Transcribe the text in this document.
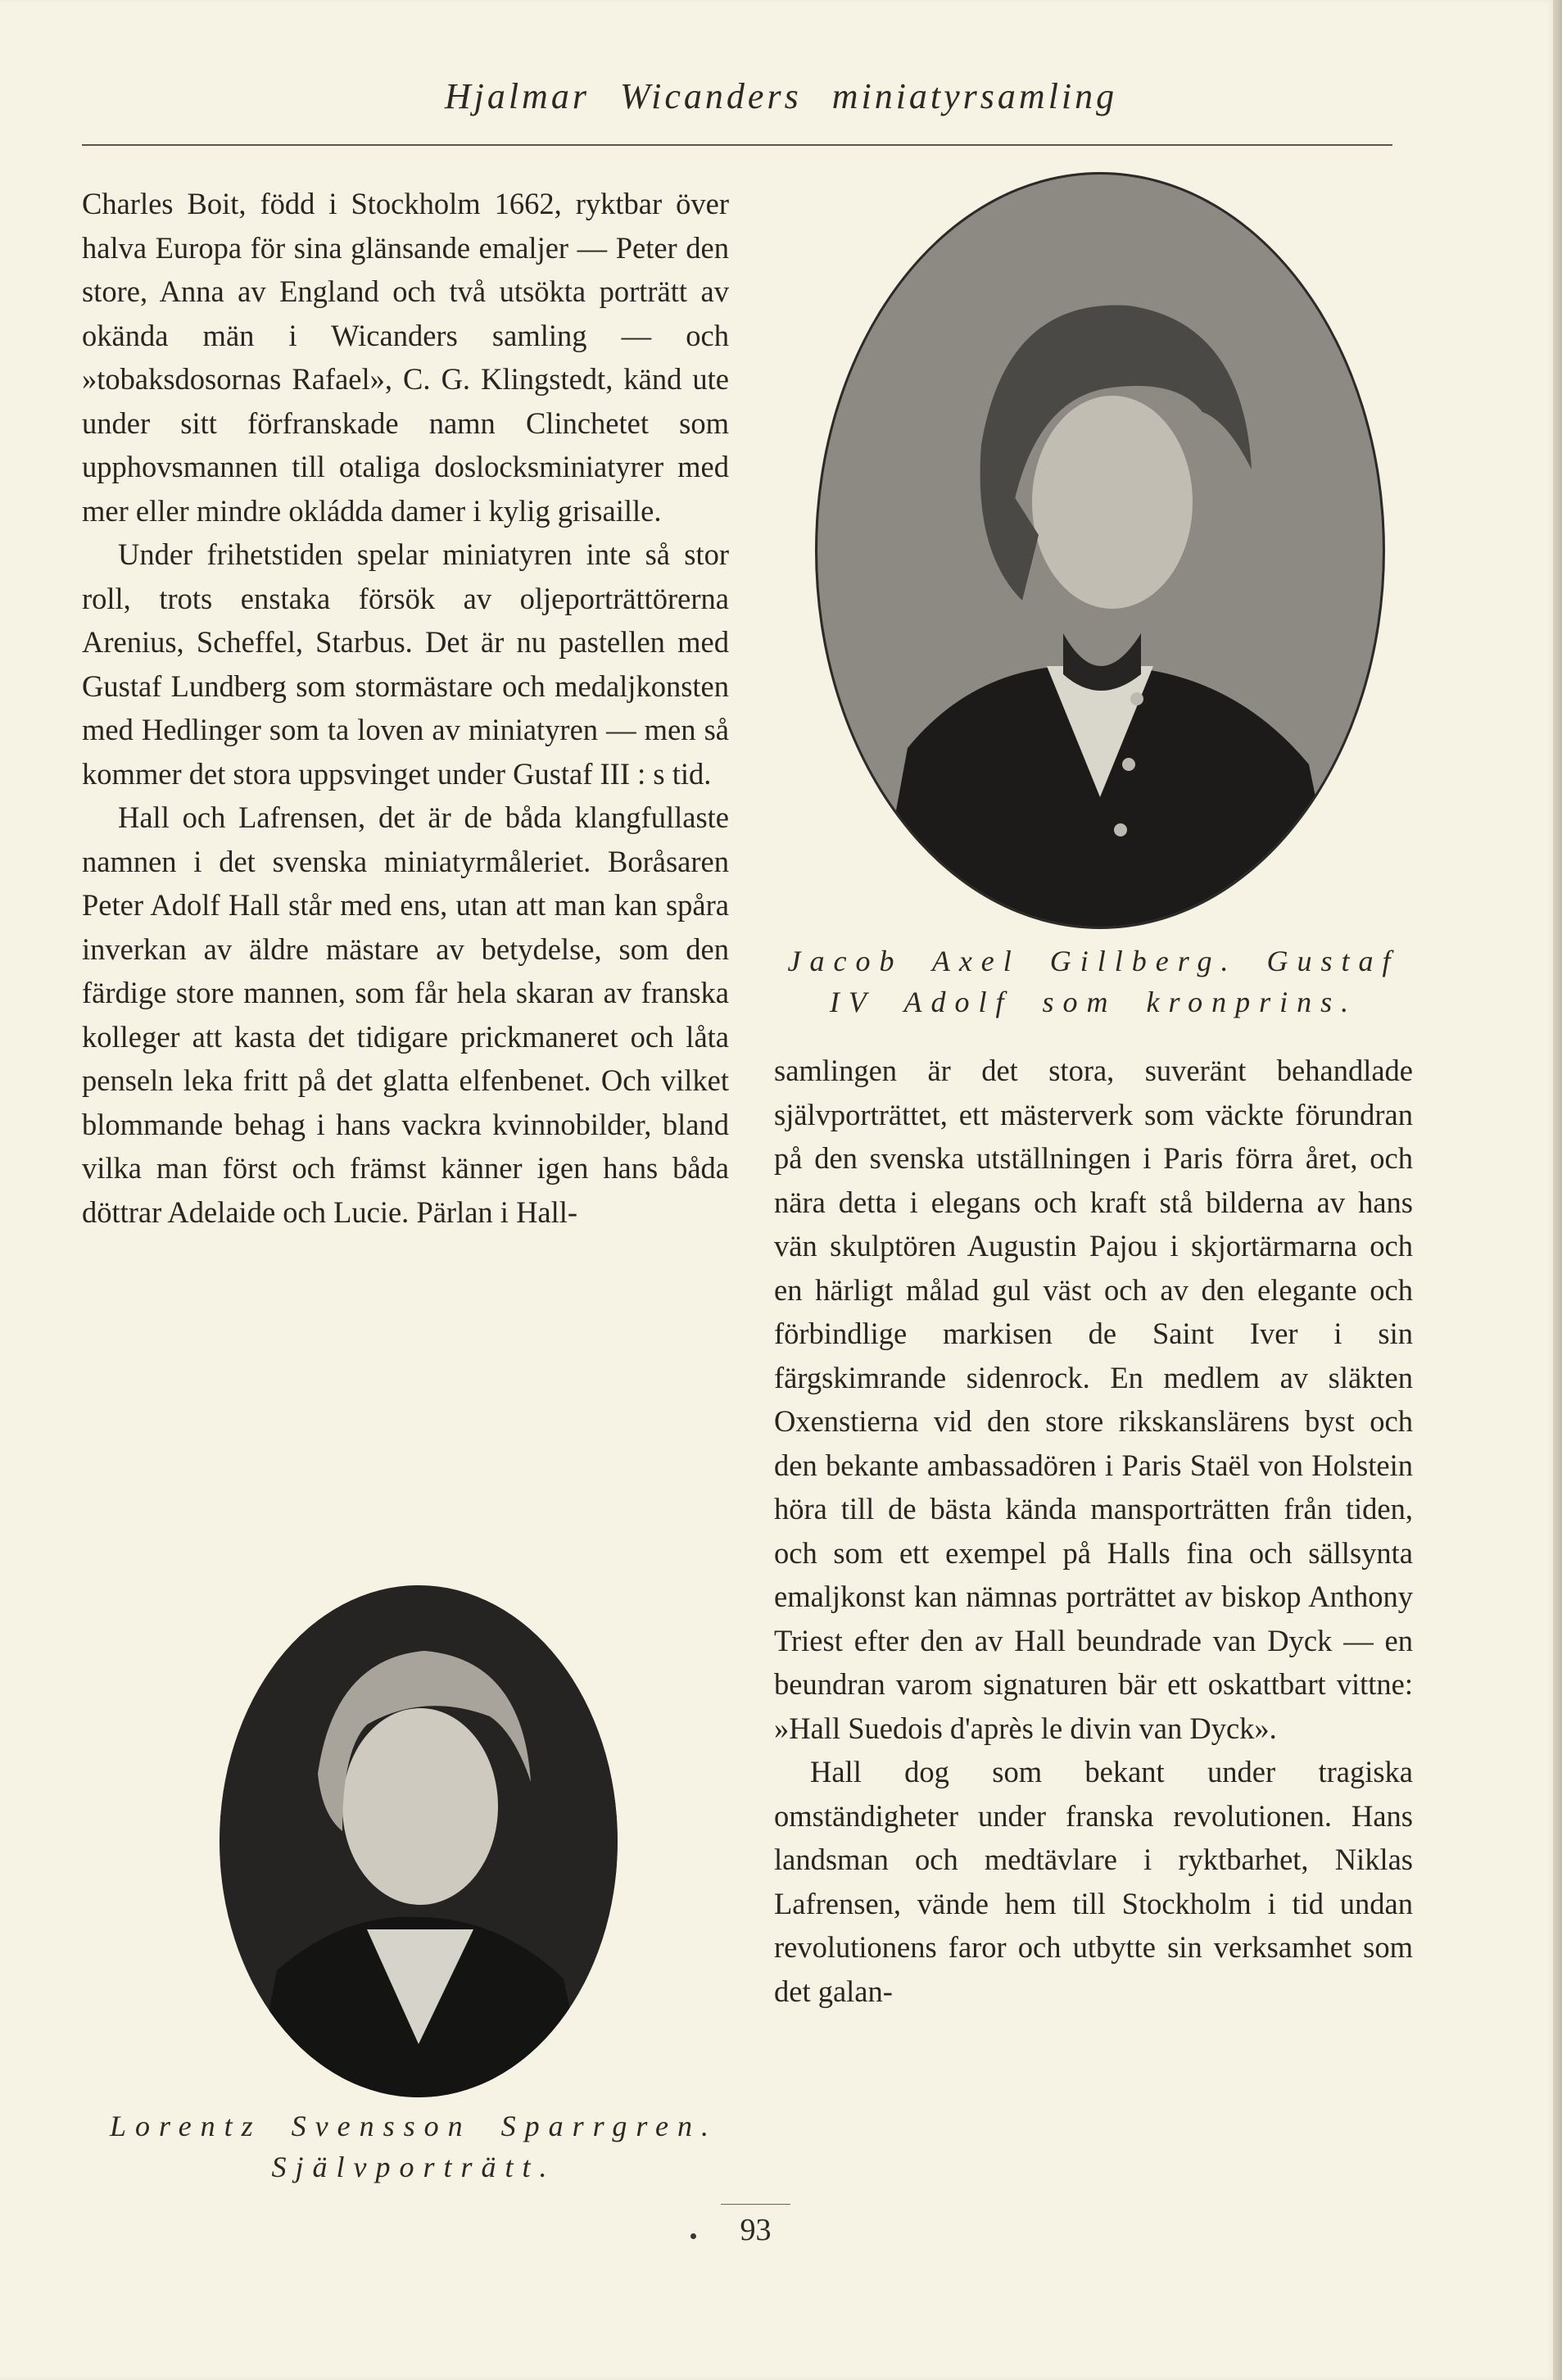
Hjalmar Wicanders miniatyrsamling

Charles Boit, född i Stockholm 1662, ryktbar över halva Europa för sina glänsande emaljer — Peter den store, Anna av England och två utsökta porträtt av okända män i Wicanders samling — och »tobaksdosornas Rafael», C. G. Klingstedt, känd ute under sitt förfranskade namn Clinchetet som upphovsmannen till otaliga doslocksminiatyrer med mer eller mindre okládda damer i kylig grisaille.

Under frihetstiden spelar miniatyren inte så stor roll, trots enstaka försök av oljeporträttörerna Arenius, Scheffel, Starbus. Det är nu pastellen med Gustaf Lundberg som stormästare och medaljkonsten med Hedlinger som ta loven av miniatyren — men så kommer det stora uppsvinget under Gustaf III : s tid.

Hall och Lafrensen, det är de båda klangfullaste namnen i det svenska miniatyrmåleriet. Boråsaren Peter Adolf Hall står med ens, utan att man kan spåra inverkan av äldre mästare av betydelse, som den färdige store mannen, som får hela skaran av franska kolleger att kasta det tidigare prickmaneret och låta penseln leka fritt på det glatta elfenbenet. Och vilket blommande behag i hans vackra kvinnobilder, bland vilka man först och främst känner igen hans båda döttrar Adelaide och Lucie. Pärlan i Hall-

Jacob Axel Gillberg. Gustaf
IV Adolf som kronprins.

samlingen är det stora, suveränt behandlade självporträttet, ett mästerverk som väckte förundran på den svenska utställningen i Paris förra året, och nära detta i elegans och kraft stå bilderna av hans vän skulptören Augustin Pajou i skjortärmarna och en härligt målad gul väst och av den elegante och förbindlige markisen de Saint Iver i sin färgskimrande sidenrock. En medlem av släkten Oxenstierna vid den store rikskanslärens byst och den bekante ambassadören i Paris Staël von Holstein höra till de bästa kända mansporträtten från tiden, och som ett exempel på Halls fina och sällsynta emaljkonst kan nämnas porträttet av biskop Anthony Triest efter den av Hall beundrade van Dyck — en beundran varom signaturen bär ett oskattbart vittne: »Hall Suedois d'après le divin van Dyck».

Hall dog som bekant under tragiska omständigheter under franska revolutionen. Hans landsman och medtävlare i ryktbarhet, Niklas Lafrensen, vände hem till Stockholm i tid undan revolutionens faror och utbytte sin verksamhet som det galan-

Lorentz Svensson Sparrgren.
Självporträtt.
93
